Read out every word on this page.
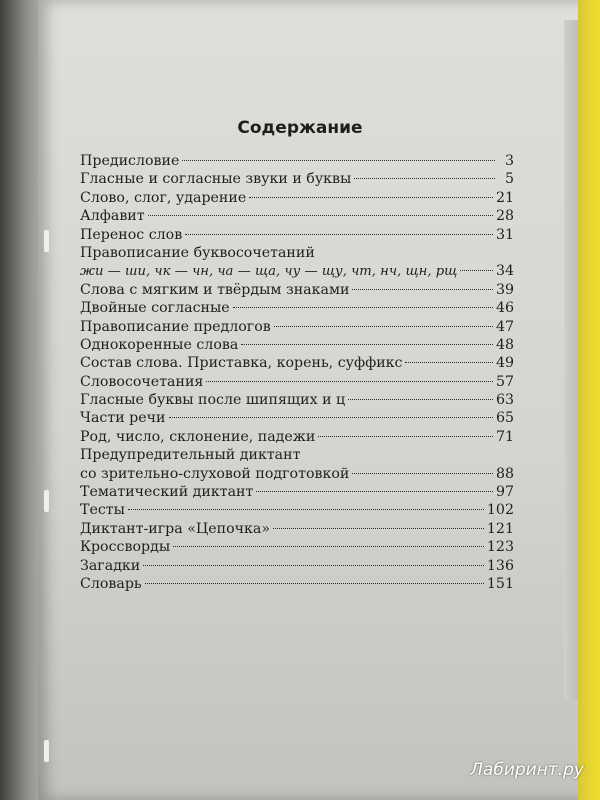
Содержание
Предисловие	3
Гласные и согласные звуки и буквы	5
Слово, слог, ударение	21
Алфавит	28
Перенос слов	31
Правописание буквосочетаний
жи — ши, чк — чн, ча — ща, чу — щу, чт, нч, щн, рщ	34
Слова с мягким и твёрдым знаками	39
Двойные согласные	46
Правописание предлогов	47
Однокоренные слова	48
Состав слова. Приставка, корень, суффикс	49
Словосочетания	57
Гласные буквы после шипящих и ц	63
Части речи	65
Род, число, склонение, падежи	71
Предупредительный диктант
со зрительно-слуховой подготовкой	88
Тематический диктант	97
Тесты	102
Диктант-игра «Цепочка»	121
Кроссворды	123
Загадки	136
Словарь	151
Лабиринт.ру
